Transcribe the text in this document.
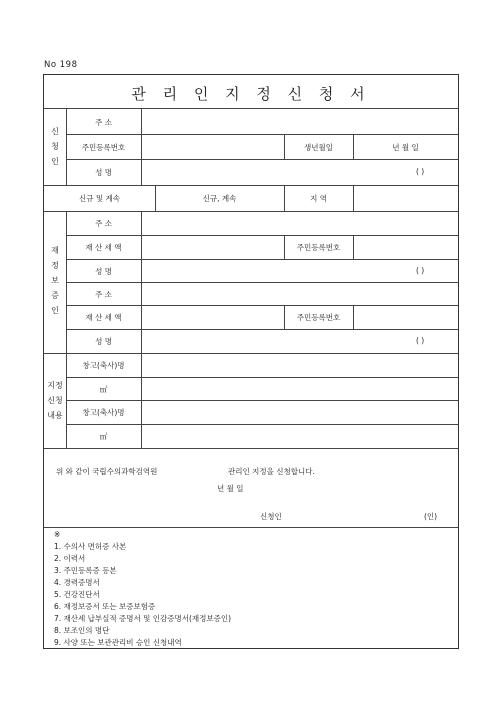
No 198
관 리 인 지 정 신 청 서
신
청
인
주 소
주민등록번호	생년월일	년 월 일
성 명	( )
신규 및 계속	신규, 계속	지 역
재
정
보
증
인
주 소
재 산 세 액	주민등록번호
성 명	( )
주 소
재 산 세 액	주민등록번호
성 명	( )
지정
신청
내용
창고(축사)명
㎡
창고(축사)명
㎡
위 와 같이 국립수의과학검역원	관리인 지정을 신청합니다.
년 월 일
신청인	(인)
※
1. 수의사 면허증 사본
2. 이력서
3. 주민등록증 등본
4. 경력증명서
5. 건강진단서
6. 재정보증서 또는 보증보험증
7. 재산세 납부실적 증명서 및 인감증명서(재정보증인)
8. 보조인의 명단
9. 사양 또는 보관관리비 승인 신청내역
